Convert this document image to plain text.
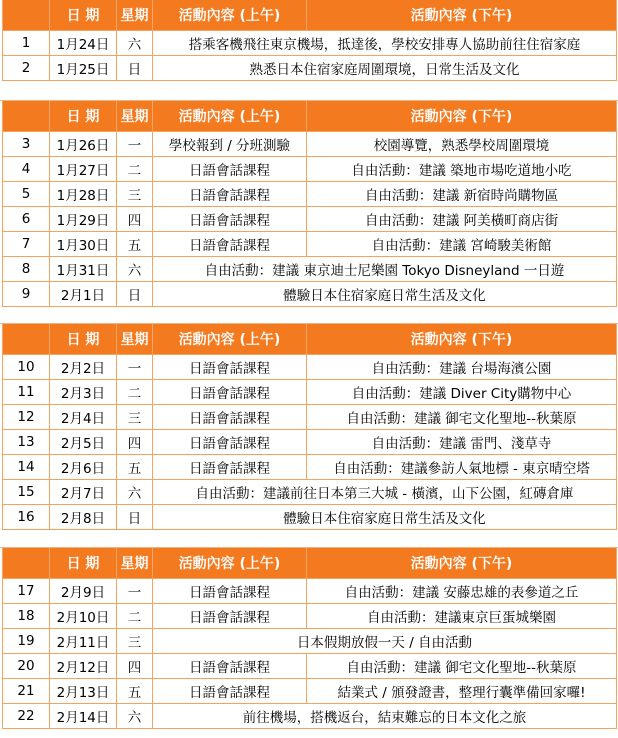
	日 期	星期	活動內容 (上午)	活動內容 (下午)
1	1月24日	六	搭乘客機飛往東京機場，抵達後，學校安排專人協助前往住宿家庭	
2	1月25日	日	熟悉日本住宿家庭周圍環境，日常生活及文化	
	日 期	星期	活動內容 (上午)	活動內容 (下午)
3	1月26日	一	學校報到 / 分班測驗	校園導覽，熟悉學校周圍環境
4	1月27日	二	日語會話課程	自由活動：建議 築地市場吃道地小吃
5	1月28日	三	日語會話課程	自由活動：建議 新宿時尚購物區
6	1月29日	四	日語會話課程	自由活動：建議 阿美橫町商店街
7	1月30日	五	日語會話課程	自由活動：建議 宮崎駿美術館
8	1月31日	六	自由活動：建議 東京迪士尼樂園 Tokyo Disneyland 一日遊	
9	2月1日	日	體驗日本住宿家庭日常生活及文化	
	日 期	星期	活動內容 (上午)	活動內容 (下午)
10	2月2日	一	日語會話課程	自由活動：建議 台場海濱公園
11	2月3日	二	日語會話課程	自由活動：建議 Diver City購物中心
12	2月4日	三	日語會話課程	自由活動：建議 御宅文化聖地--秋葉原
13	2月5日	四	日語會話課程	自由活動：建議 雷門、淺草寺
14	2月6日	五	日語會話課程	自由活動：建議參訪人氣地標 - 東京晴空塔
15	2月7日	六	自由活動：建議前往日本第三大城 - 橫濱，山下公園，紅磚倉庫	
16	2月8日	日	體驗日本住宿家庭日常生活及文化	
	日 期	星期	活動內容 (上午)	活動內容 (下午)
17	2月9日	一	日語會話課程	自由活動：建議 安藤忠雄的表參道之丘
18	2月10日	二	日語會話課程	自由活動：建議東京巨蛋城樂園
19	2月11日	三	日本假期放假一天 / 自由活動	
20	2月12日	四	日語會話課程	自由活動：建議 御宅文化聖地--秋葉原
21	2月13日	五	日語會話課程	結業式 / 頒發證書，整理行囊準備回家囉!
22	2月14日	六	前往機場，搭機返台，結束難忘的日本文化之旅	
